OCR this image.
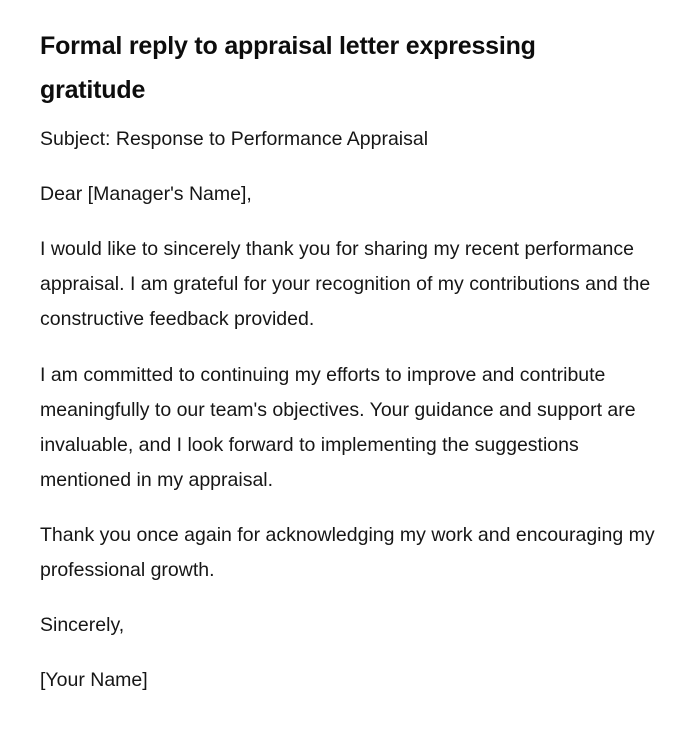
Formal reply to appraisal letter expressing gratitude

Subject: Response to Performance Appraisal

Dear [Manager's Name],

I would like to sincerely thank you for sharing my recent performance appraisal. I am grateful for your recognition of my contributions and the constructive feedback provided.

I am committed to continuing my efforts to improve and contribute meaningfully to our team's objectives. Your guidance and support are invaluable, and I look forward to implementing the suggestions mentioned in my appraisal.

Thank you once again for acknowledging my work and encouraging my professional growth.

Sincerely,

[Your Name]
